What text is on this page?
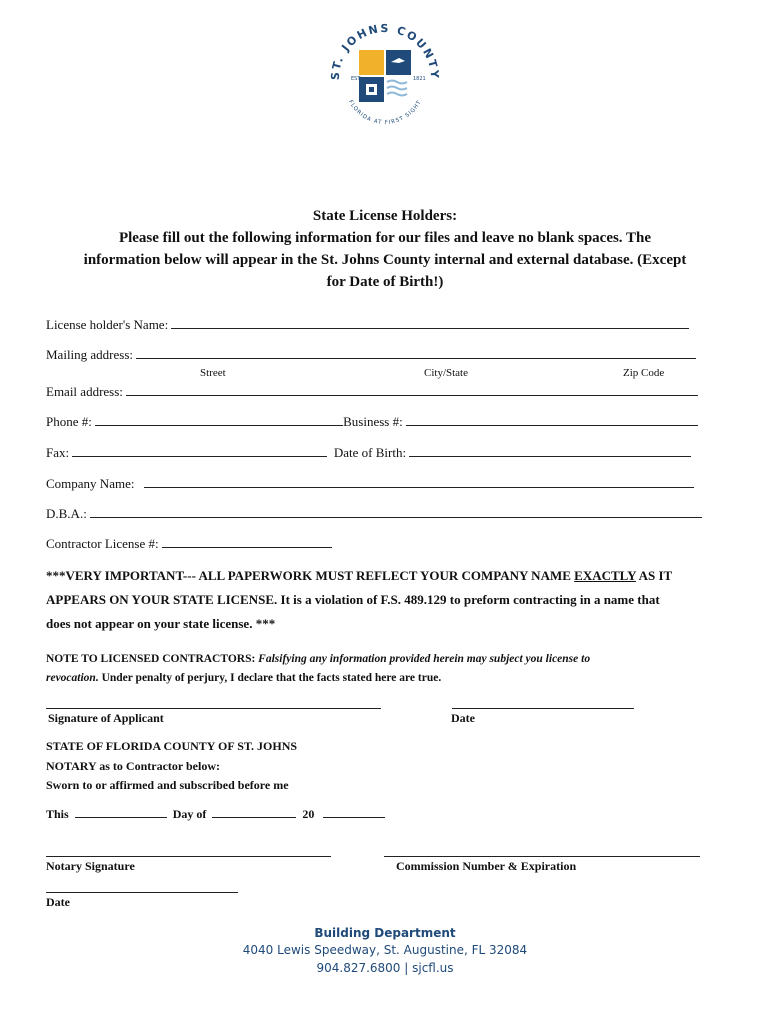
ST. JOHNS COUNTY
EST.	1821
FLORIDA AT FIRST SIGHT
State License Holders:
Please fill out the following information for our files and leave no blank spaces. The
information below will appear in the St. Johns County internal and external database. (Except
for Date of Birth!)
License holder's Name:
Mailing address:
Street	City/State	Zip Code
Email address:
Phone #:	Business #:
Fax:	Date of Birth:
Company Name:
D.B.A.:
Contractor License #:
***VERY IMPORTANT--- ALL PAPERWORK MUST REFLECT YOUR COMPANY NAME EXACTLY AS IT
APPEARS ON YOUR STATE LICENSE. It is a violation of F.S. 489.129 to preform contracting in a name that
does not appear on your state license. ***
NOTE TO LICENSED CONTRACTORS: Falsifying any information provided herein may subject you license to
revocation. Under penalty of perjury, I declare that the facts stated here are true.
Signature of Applicant	Date
STATE OF FLORIDA COUNTY OF ST. JOHNS
NOTARY as to Contractor below:
Sworn to or affirmed and subscribed before me
This	Day of	20
Notary Signature	Commission Number & Expiration
Date
Building Department
4040 Lewis Speedway, St. Augustine, FL 32084
904.827.6800 | sjcfl.us
